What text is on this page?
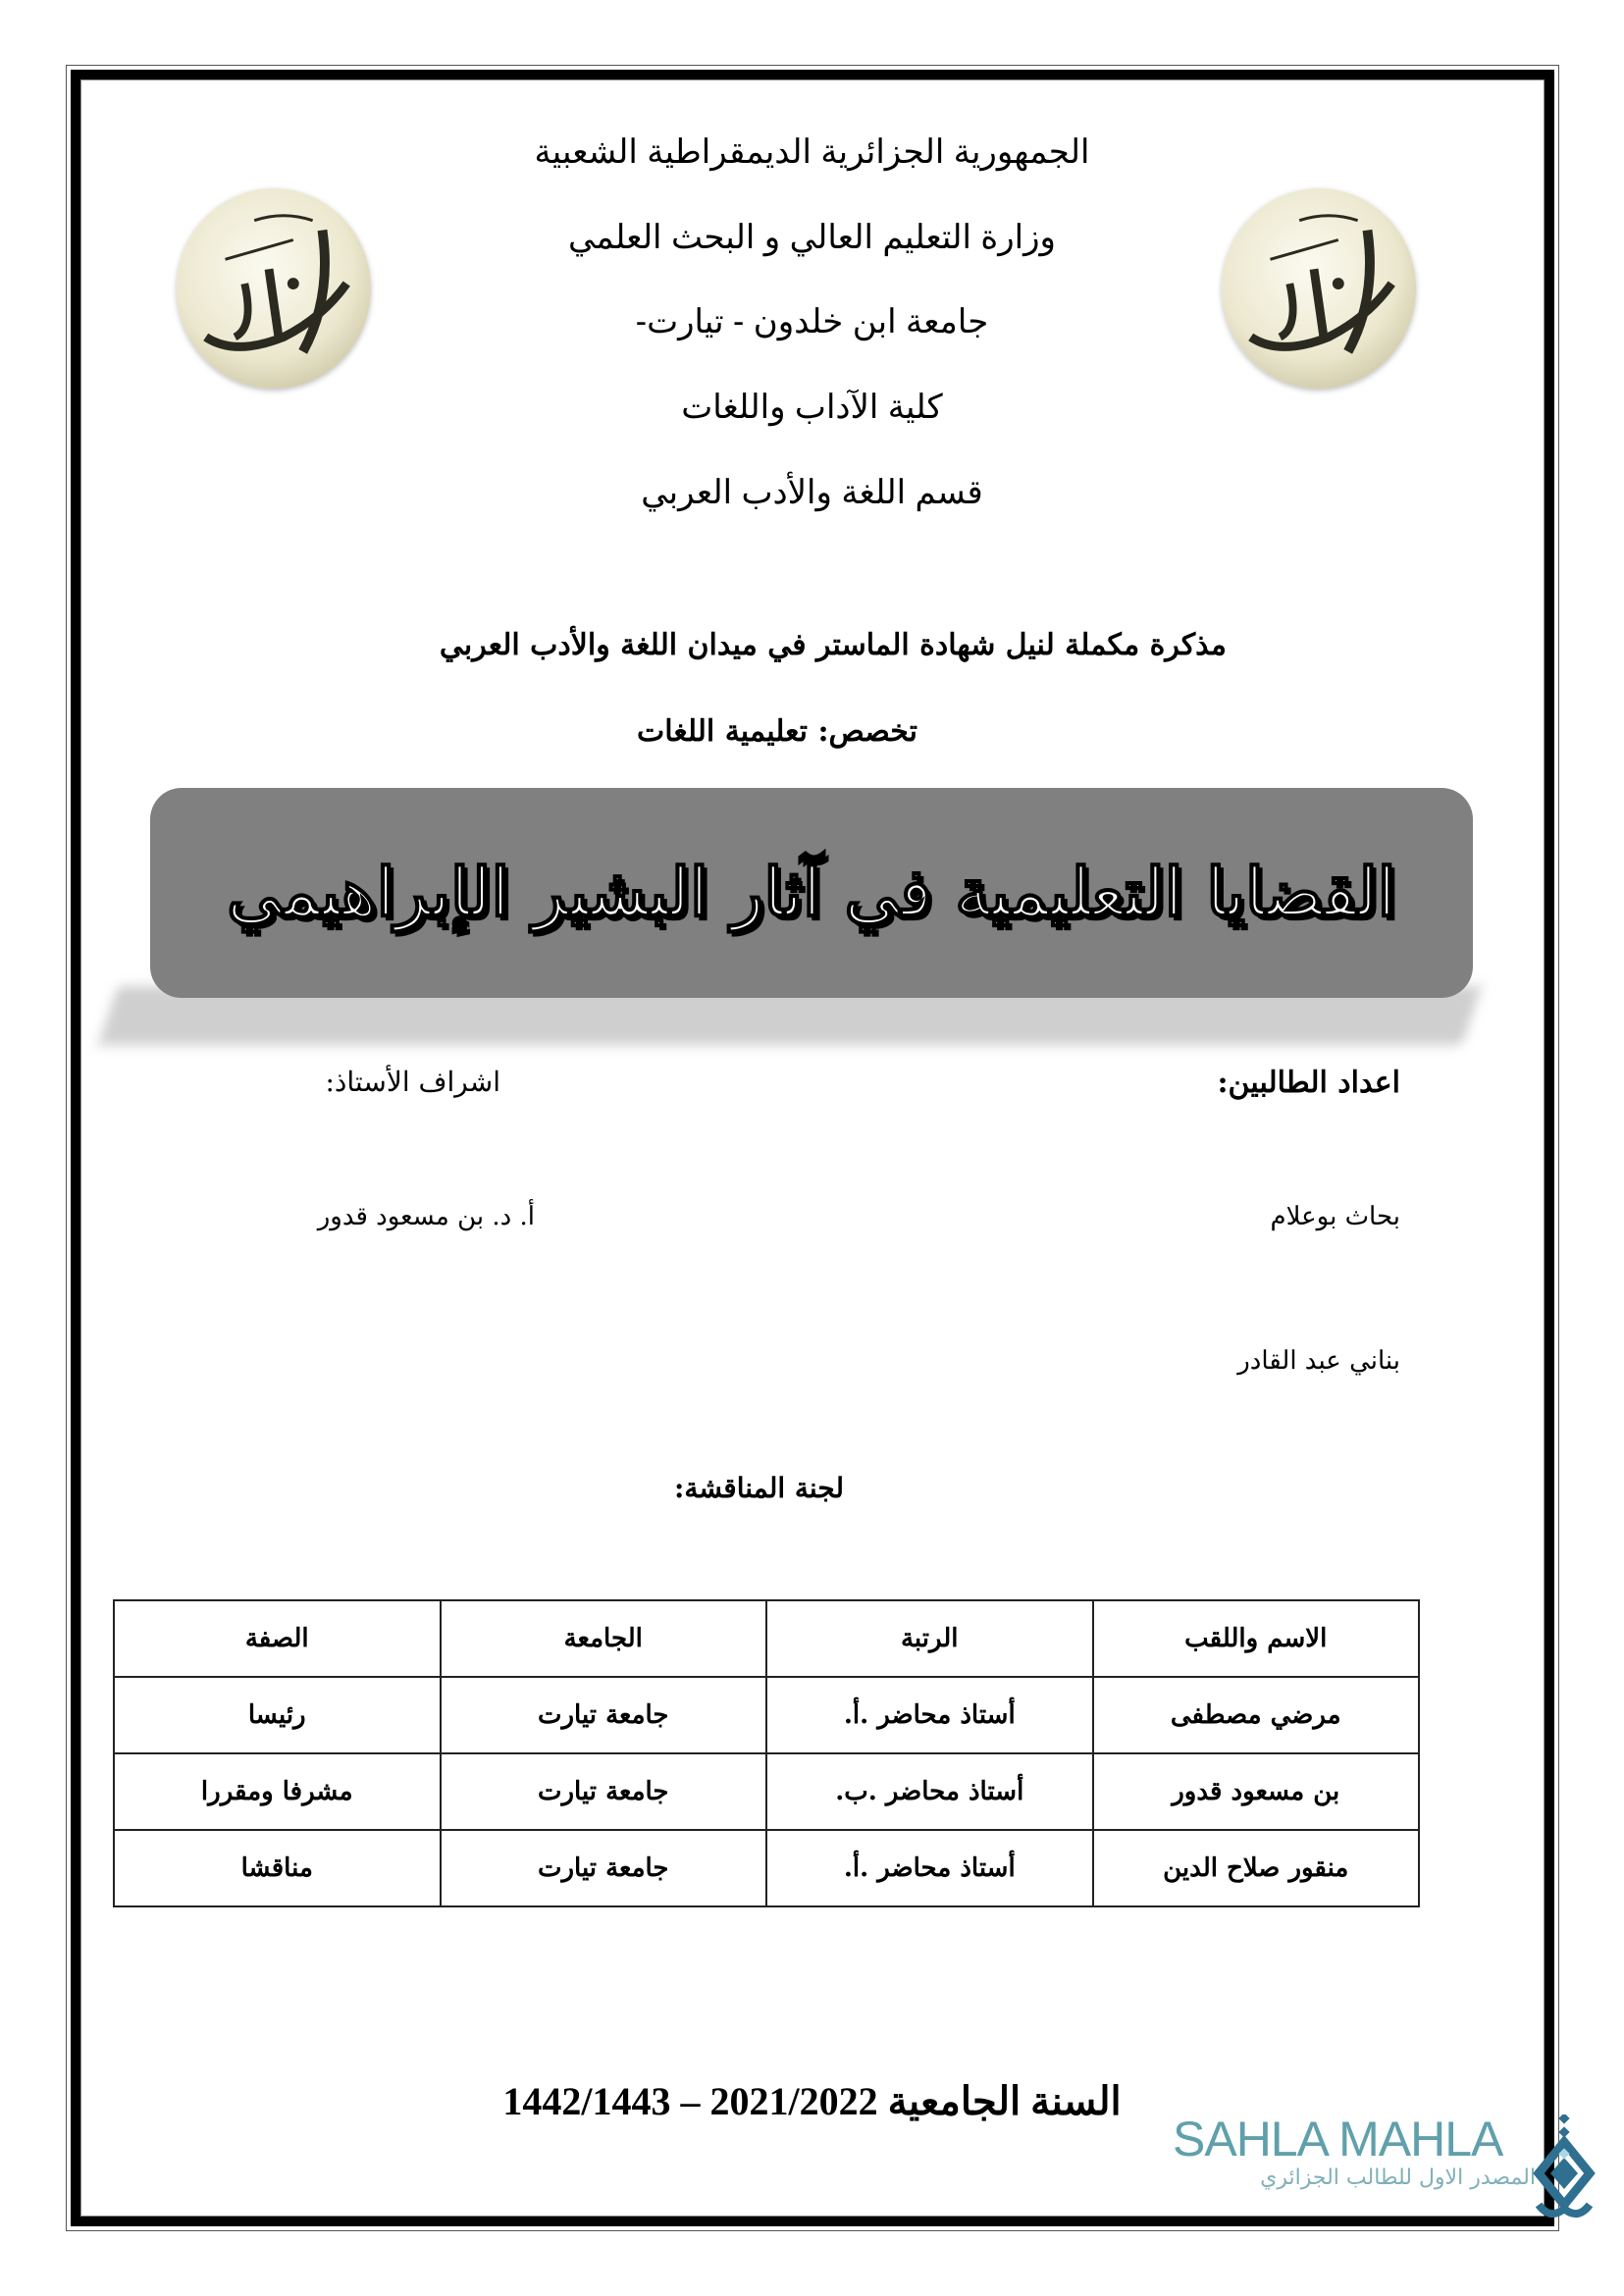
الجمهورية الجزائرية الديمقراطية الشعبية
وزارة التعليم العالي و البحث العلمي
جامعة ابن خلدون - تيارت-
كلية الآداب واللغات
قسم اللغة والأدب العربي
مذكرة مكملة لنيل شهادة الماستر في ميدان اللغة والأدب العربي
تخصص: تعليمية اللغات
القضايا التعليمية في آثار البشير الإبراهيمي
اعداد الطالبين:
اشراف الأستاذ:
بحاث بوعلام
أ. د. بن مسعود قدور
بناني عبد القادر
لجنة المناقشة:
الاسم واللقب	الرتبة	الجامعة	الصفة
مرضي مصطفى	أستاذ محاضر .أ.	جامعة تيارت	رئيسا
بن مسعود قدور	أستاذ محاضر .ب.	جامعة تيارت	مشرفا ومقررا
منقور صلاح الدين	أستاذ محاضر .أ.	جامعة تيارت	مناقشا
السنة الجامعية 2021/2022 – 1442/1443
SAHLA MAHLA
المصدر الاول للطالب الجزائري
